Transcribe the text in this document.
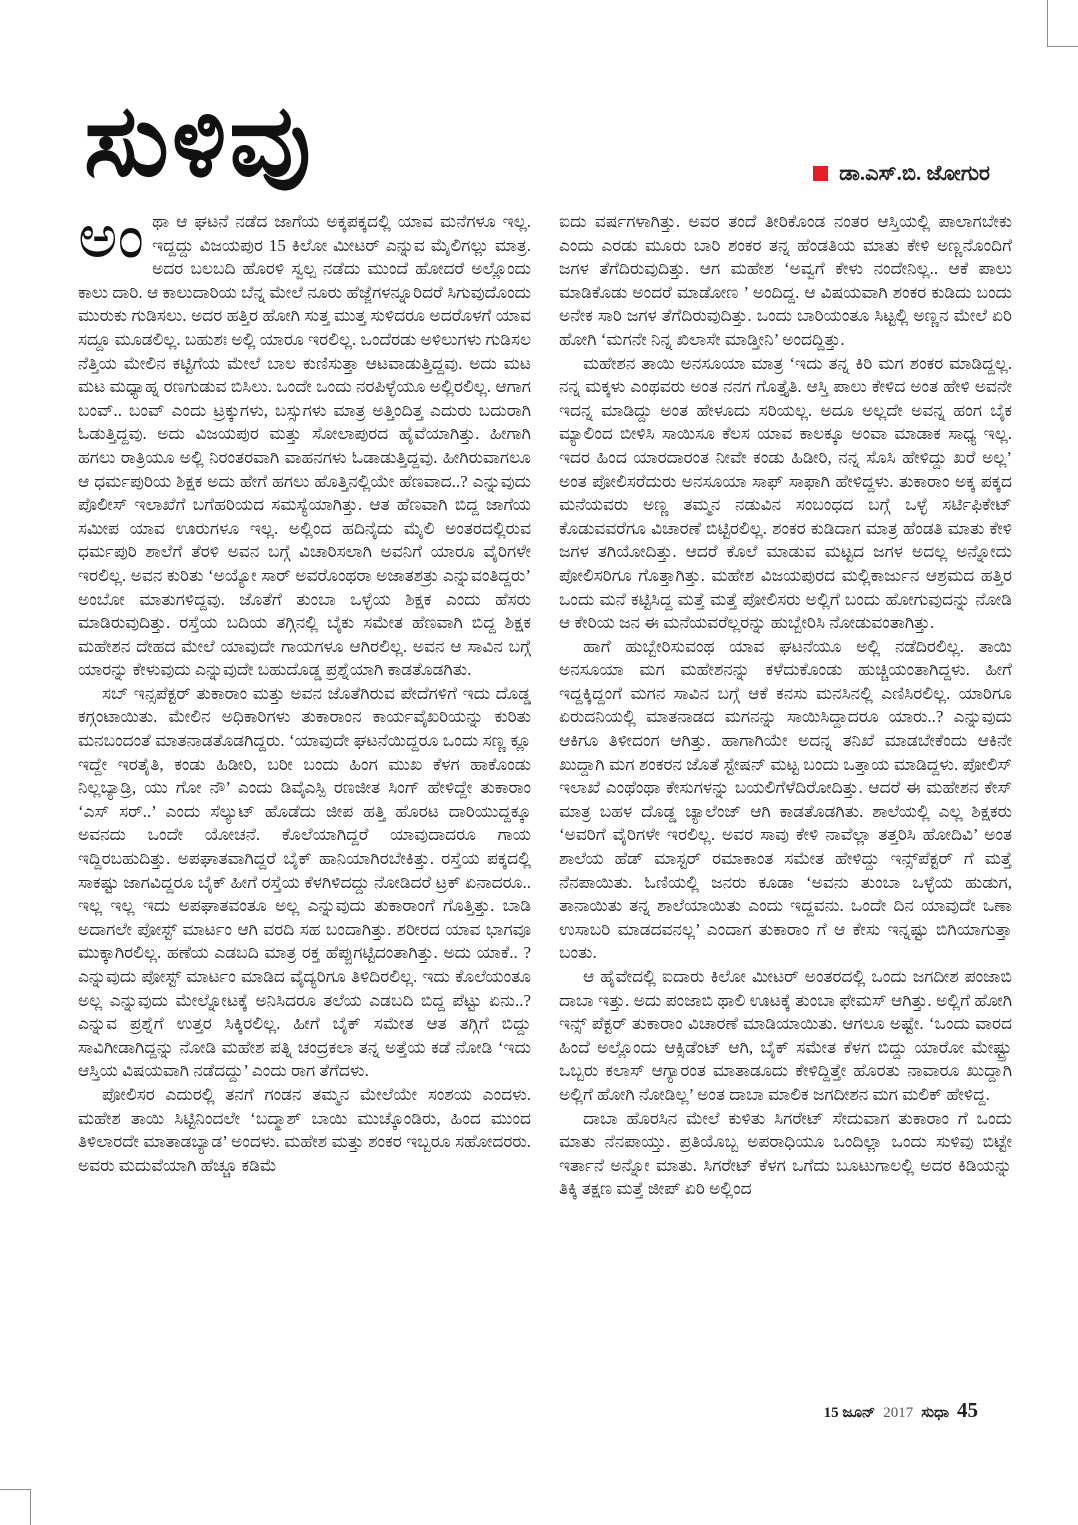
ಸುಳಿವು	ಡಾ.ಎಸ್.ಬಿ. ಜೋಗುರ

ಅಂಥಾ ಆ ಘಟನೆ ನಡೆದ ಜಾಗೆಯ ಅಕ್ಕಪಕ್ಕದಲ್ಲಿ ಯಾವ ಮನೆಗಳೂ ಇಲ್ಲ. ಇದ್ದದ್ದು ವಿಜಯಪುರ 15 ಕಿಲೋ ಮೀಟರ್ ಎನ್ನುವ ಮೈಲಿಗಲ್ಲು ಮಾತ್ರ. ಅದರ ಬಲಬದಿ ಹೊರಳಿ ಸ್ವಲ್ಪ ನಡೆದು ಮುಂದೆ ಹೋದರೆ ಅಲ್ಲೊಂದು ಕಾಲು ದಾರಿ. ಆ ಕಾಲುದಾರಿಯ ಬೆನ್ನ ಮೇಲೆ ನೂರು ಹೆಜ್ಜೆಗಳನ್ನೂರಿದರೆ ಸಿಗುವುದೊಂದು ಮುರುಕು ಗುಡಿಸಲು. ಅದರ ಹತ್ತಿರ ಹೋಗಿ ಸುತ್ತ ಮುತ್ತ ಸುಳಿದರೂ ಅದರೊಳಗೆ ಯಾವ ಸದ್ದೂ ಮೂಡಲಿಲ್ಲ. ಬಹುಶಃ ಅಲ್ಲಿ ಯಾರೂ ಇರಲಿಲ್ಲ. ಒಂದೆರಡು ಅಳಿಲುಗಳು ಗುಡಿಸಲ ನೆತ್ತಿಯ ಮೇಲಿನ ಕಟ್ಟಿಗೆಯ ಮೇಲೆ ಬಾಲ ಕುಣಿಸುತ್ತಾ ಆಟವಾಡುತ್ತಿದ್ದವು. ಅದು ಮಟ ಮಟ ಮಧ್ಯಾಹ್ನ ರಣಗುಡುವ ಬಿಸಿಲು. ಒಂದೇ ಒಂದು ನರಪಿಳ್ಳೆಯೂ ಅಲ್ಲಿರಲಿಲ್ಲ. ಆಗಾಗ ಬಂವ್.. ಬಂವ್ ಎಂದು ಟ್ರಕ್ಕುಗಳು, ಬಸ್ಸುಗಳು ಮಾತ್ರ ಅತ್ತಿಂದಿತ್ತ ಎದುರು ಬದುರಾಗಿ ಓಡುತ್ತಿದ್ದವು. ಅದು ವಿಜಯಪುರ ಮತ್ತು ಸೋಲಾಪುರದ ಹೈವೆಯಾಗಿತ್ತು. ಹೀಗಾಗಿ ಹಗಲು ರಾತ್ರಿಯೂ ಅಲ್ಲಿ ನಿರಂತರವಾಗಿ ವಾಹನಗಳು ಓಡಾಡುತ್ತಿದ್ದವು. ಹೀಗಿರುವಾಗಲೂ ಆ ಧರ್ಮಪುರಿಯ ಶಿಕ್ಷಕ ಅದು ಹೇಗೆ ಹಗಲು ಹೊತ್ತಿನಲ್ಲಿಯೇ ಹೆಣವಾದ..? ಎನ್ನುವುದು ಪೊಲೀಸ್ ಇಲಾಖೆಗೆ ಬಗೆಹರಿಯದ ಸಮಸ್ಯೆಯಾಗಿತ್ತು. ಆತ ಹೆಣವಾಗಿ ಬಿದ್ದ ಜಾಗೆಯ ಸಮೀಪ ಯಾವ ಊರುಗಳೂ ಇಲ್ಲ. ಅಲ್ಲಿಂದ ಹದಿನೈದು ಮೈಲಿ ಅಂತರದಲ್ಲಿರುವ ಧರ್ಮಪುರಿ ಶಾಲೆಗೆ ತೆರಳಿ ಅವನ ಬಗ್ಗೆ ವಿಚಾರಿಸಲಾಗಿ ಅವನಿಗೆ ಯಾರೂ ವೈರಿಗಳೇ ಇರಲಿಲ್ಲ. ಅವನ ಕುರಿತು ‘ಅಯ್ಯೋ ಸಾರ್ ಅವರೊಂಥರಾ ಅಜಾತಶತ್ರು ಎನ್ನುವಂತಿದ್ದರು’ ಅಂಬೋ ಮಾತುಗಳಿದ್ದವು. ಜೊತೆಗೆ ತುಂಬಾ ಒಳ್ಳೆಯ ಶಿಕ್ಷಕ ಎಂದು ಹೆಸರು ಮಾಡಿರುವುದಿತ್ತು. ರಸ್ತೆಯ ಬದಿಯ ತಗ್ಗಿನಲ್ಲಿ ಬೈಕು ಸಮೇತ ಹೆಣವಾಗಿ ಬಿದ್ದ ಶಿಕ್ಷಕ ಮಹೇಶನ ದೇಹದ ಮೇಲೆ ಯಾವುದೇ ಗಾಯಗಳೂ ಆಗಿರಲಿಲ್ಲ. ಅವನ ಆ ಸಾವಿನ ಬಗ್ಗೆ ಯಾರನ್ನು ಕೇಳುವುದು ಎನ್ನುವುದೇ ಬಹುದೊಡ್ಡ ಪ್ರಶ್ನೆಯಾಗಿ ಕಾಡತೊಡಗಿತು.

ಸಬ್ ಇನ್ಸಪೆಕ್ಟರ್ ತುಕಾರಾಂ ಮತ್ತು ಅವನ ಜೊತೆಗಿರುವ ಪೇದೆಗಳಿಗೆ ಇದು ದೊಡ್ಡ ಕಗ್ಗಂಟಾಯಿತು. ಮೇಲಿನ ಅಧಿಕಾರಿಗಳು ತುಕಾರಾಂನ ಕಾರ್ಯವೈಖರಿಯನ್ನು ಕುರಿತು ಮನಬಂದಂತೆ ಮಾತನಾಡತೊಡಗಿದ್ದರು. ‘ಯಾವುದೇ ಘಟನೆಯಿದ್ದರೂ ಒಂದು ಸಣ್ಣ ಕ್ಲೂ ಇದ್ದೇ ಇರತೈತಿ, ಕಂಡು ಹಿಡೀರಿ, ಬರೀ ಬಂದು ಹಿಂಗ ಮುಖ ಕೆಳಗ ಹಾಕೊಂಡು ನಿಲ್ಲಬ್ಯಾಡ್ರಿ, ಯು ಗೋ ನೌ’ ಎಂದು ಡಿವೈಎಸ್ಪಿ ರಣಜೀತ ಸಿಂಗ್ ಹೇಳಿದ್ದೇ ತುಕಾರಾಂ ‘ಎಸ್ ಸರ್..’ ಎಂದು ಸೆಲ್ಯುಟ್ ಹೊಡೆದು ಜೀಪ ಹತ್ತಿ ಹೊರಟ ದಾರಿಯುದ್ದಕ್ಕೂ ಅವನದು ಒಂದೇ ಯೋಚನೆ. ಕೊಲೆಯಾಗಿದ್ದರೆ ಯಾವುದಾದರೂ ಗಾಯ ಇದ್ದಿರಬಹುದಿತ್ತು. ಅಪಘಾತವಾಗಿದ್ದರೆ ಬೈಕ್ ಹಾನಿಯಾಗಿರಬೇಕಿತ್ತು. ರಸ್ತೆಯ ಪಕ್ಕದಲ್ಲಿ ಸಾಕಷ್ಟು ಜಾಗವಿದ್ದರೂ ಬೈಕ್ ಹೀಗೆ ರಸ್ತೆಯ ಕೆಳಗಿಳಿದದ್ದು ನೋಡಿದರೆ ಟ್ರಕ್ ಏನಾದರೂ.. ಇಲ್ಲ ಇಲ್ಲ ಇದು ಅಪಘಾತವಂತೂ ಅಲ್ಲ ಎನ್ನುವುದು ತುಕಾರಾಂಗೆ ಗೊತ್ತಿತ್ತು. ಬಾಡಿ ಅದಾಗಲೇ ಪೋಸ್ಟ್ ಮಾರ್ಟಂ ಆಗಿ ವರದಿ ಸಹ ಬಂದಾಗಿತ್ತು. ಶರೀರದ ಯಾವ ಭಾಗವೂ ಮುಕ್ಕಾಗಿರಲಿಲ್ಲ. ಹಣೆಯ ಎಡಬದಿ ಮಾತ್ರ ರಕ್ತ ಹೆಪ್ಪುಗಟ್ಟಿದಂತಾಗಿತ್ತು. ಅದು ಯಾಕೆ.. ? ಎನ್ನುವುದು ಪೋಸ್ಟ್ ಮಾರ್ಟಂ ಮಾಡಿದ ವೈದ್ಯರಿಗೂ ತಿಳಿದಿರಲಿಲ್ಲ. ಇದು ಕೊಲೆಯಂತೂ ಅಲ್ಲ ಎನ್ನುವುದು ಮೇಲ್ನೋಟಕ್ಕೆ ಅನಿಸಿದರೂ ತಲೆಯ ಎಡಬದಿ ಬಿದ್ದ ಪೆಟ್ಟು ಏನು..? ಎನ್ನುವ ಪ್ರಶ್ನೆಗೆ ಉತ್ತರ ಸಿಕ್ಕಿರಲಿಲ್ಲ. ಹೀಗೆ ಬೈಕ್ ಸಮೇತ ಆತ ತಗ್ಗಿಗೆ ಬಿದ್ದು ಸಾವಿಗೀಡಾಗಿದ್ದನ್ನು ನೋಡಿ ಮಹೇಶ ಪತ್ನಿ ಚಂದ್ರಕಲಾ ತನ್ನ ಅತ್ತೆಯ ಕಡೆ ನೋಡಿ ‘ಇದು ಆಸ್ತಿಯ ವಿಷಯವಾಗಿ ನಡೆದದ್ದು’ ಎಂದು ರಾಗ ತೆಗೆದಳು.

ಪೋಲಿಸರ ಎದುರಲ್ಲಿ ತನಗೆ ಗಂಡನ ತಮ್ಮನ ಮೇಲೆಯೇ ಸಂಶಯ ಎಂದಳು. ಮಹೇಶ ತಾಯಿ ಸಿಟ್ಟಿನಿಂದಲೇ ‘ಬದ್ಮಾಶ್ ಬಾಯಿ ಮುಚ್ಕೊಂಡಿರು, ಹಿಂದ ಮುಂದ ತಿಳಿಲಾರದೇ ಮಾತಾಡಬ್ಯಾಡ’ ಅಂದಳು. ಮಹೇಶ ಮತ್ತು ಶಂಕರ ಇಬ್ಬರೂ ಸಹೋದರರು. ಅವರು ಮದುವೆಯಾಗಿ ಹೆಚ್ಚೂ ಕಡಿಮೆ

ಐದು ವರ್ಷಗಳಾಗಿತ್ತು. ಅವರ ತಂದೆ ತೀರಿಕೊಂಡ ನಂತರ ಆಸ್ತಿಯಲ್ಲಿ ಪಾಲಾಗಬೇಕು ಎಂದು ಎರಡು ಮೂರು ಬಾರಿ ಶಂಕರ ತನ್ನ ಹೆಂಡತಿಯ ಮಾತು ಕೇಳಿ ಅಣ್ಣನೊಂದಿಗೆ ಜಗಳ ತೆಗೆದಿರುವುದಿತ್ತು. ಆಗ ಮಹೇಶ ‘ಅವ್ವಗೆ ಕೇಳು ನಂದೇನಿಲ್ಲ.. ಆಕೆ ಪಾಲು ಮಾಡಿಕೊಡು ಅಂದರೆ ಮಾಡೋಣ ’ ಅಂದಿದ್ದ. ಆ ವಿಷಯವಾಗಿ ಶಂಕರ ಕುಡಿದು ಬಂದು ಅನೇಕ ಸಾರಿ ಜಗಳ ತೆಗೆದಿರುವುದಿತ್ತು. ಒಂದು ಬಾರಿಯಂತೂ ಸಿಟ್ಟಲ್ಲಿ ಅಣ್ಣನ ಮೇಲೆ ಏರಿ ಹೋಗಿ ‘ಮಗನೇ ನಿನ್ನ ಖಿಲಾಸೇ ಮಾಡ್ತೀನಿ’ ಅಂದದ್ದಿತ್ತು.

ಮಹೇಶನ ತಾಯಿ ಅನಸೂಯಾ ಮಾತ್ರ ‘ಇದು ತನ್ನ ಕಿರಿ ಮಗ ಶಂಕರ ಮಾಡಿದ್ದಲ್ಲ. ನನ್ನ ಮಕ್ಕಳು ಎಂಥವರು ಅಂತ ನನಗ ಗೊತ್ತೈತಿ. ಆಸ್ತಿ ಪಾಲು ಕೇಳಿದ ಅಂತ ಹೇಳಿ ಅವನೇ ಇದನ್ನ ಮಾಡಿದ್ದು ಅಂತ ಹೇಳೂದು ಸರಿಯಲ್ಲ. ಅದೂ ಅಲ್ಲದೇ ಅವನ್ನ ಹಂಗ ಬೈಕ ಮ್ಯಾಲಿಂದ ಬೀಳಿಸಿ ಸಾಯಿಸೂ ಕೆಲಸ ಯಾವ ಕಾಲಕ್ಕೂ ಅಂವಾ ಮಾಡಾಕ ಸಾಧ್ಯ ಇಲ್ಲ. ಇದರ ಹಿಂದ ಯಾರದಾರಂತ ನೀವೇ ಕಂಡು ಹಿಡೀರಿ, ನನ್ನ ಸೊಸಿ ಹೇಳಿದ್ದು ಖರೆ ಅಲ್ಲ’ ಅಂತ ಪೋಲಿಸರೆದುರು ಅನಸೂಯಾ ಸಾಫ್ ಸಾಫಾಗಿ ಹೇಳಿದ್ದಳು. ತುಕಾರಾಂ ಅಕ್ಕ ಪಕ್ಕದ ಮನೆಯವರು ಅಣ್ಣ ತಮ್ಮನ ನಡುವಿನ ಸಂಬಂಧದ ಬಗ್ಗೆ ಒಳ್ಳೆ ಸರ್ಟಿಫಿಕೇಟ್ ಕೊಡುವವರೆಗೂ ವಿಚಾರಣೆ ಬಿಟ್ಟಿರಲಿಲ್ಲ. ಶಂಕರ ಕುಡಿದಾಗ ಮಾತ್ರ ಹೆಂಡತಿ ಮಾತು ಕೇಳಿ ಜಗಳ ತಗಿಯೋದಿತ್ತು. ಆದರೆ ಕೊಲೆ ಮಾಡುವ ಮಟ್ಟದ ಜಗಳ ಅದಲ್ಲ ಅನ್ನೋದು ಪೋಲಿಸರಿಗೂ ಗೊತ್ತಾಗಿತ್ತು. ಮಹೇಶ ವಿಜಯಪುರದ ಮಲ್ಲಿಕಾರ್ಜುನ ಆಶ್ರಮದ ಹತ್ತಿರ ಒಂದು ಮನೆ ಕಟ್ಟಿಸಿದ್ದ ಮತ್ತೆ ಮತ್ತೆ ಪೋಲಿಸರು ಅಲ್ಲಿಗೆ ಬಂದು ಹೋಗುವುದನ್ನು ನೋಡಿ ಆ ಕೇರಿಯ ಜನ ಈ ಮನೆಯವರೆಲ್ಲರನ್ನು ಹುಬ್ಬೇರಿಸಿ ನೋಡುವಂತಾಗಿತ್ತು.

ಹಾಗೆ ಹುಬ್ಬೇರಿಸುವಂಥ ಯಾವ ಘಟನೆಯೂ ಅಲ್ಲಿ ನಡೆದಿರಲಿಲ್ಲ. ತಾಯಿ ಅನಸೂಯಾ ಮಗ ಮಹೇಶನನ್ನು ಕಳೆದುಕೊಂಡು ಹುಚ್ಚಿಯಂತಾಗಿದ್ದಳು. ಹೀಗೆ ಇದ್ದಕ್ಕಿದ್ದಂಗೆ ಮಗನ ಸಾವಿನ ಬಗ್ಗೆ ಆಕೆ ಕನಸು ಮನಸಿನಲ್ಲಿ ಎಣಿಸಿರಲಿಲ್ಲ. ಯಾರಿಗೂ ಏರುದನಿಯಲ್ಲಿ ಮಾತನಾಡದ ಮಗನನ್ನು ಸಾಯಿಸಿದ್ದಾದರೂ ಯಾರು..? ಎನ್ನುವುದು ಆಕಿಗೂ ತಿಳೀದಂಗ ಆಗಿತ್ತು. ಹಾಗಾಗಿಯೇ ಅದನ್ನ ತನಿಖೆ ಮಾಡಬೇಕೆಂದು ಆಕಿನೇ ಖುದ್ದಾಗಿ ಮಗ ಶಂಕರನ ಜೊತೆ ಸ್ಟೇಷನ್ ಮಟ್ಟ ಬಂದು ಒತ್ತಾಯ ಮಾಡಿದ್ದಳು. ಪೋಲಿಸ್ ಇಲಾಖೆ ಎಂಥೆಂಥಾ ಕೇಸುಗಳನ್ನು ಬಯಲಿಗೆಳೆದಿರೋದಿತ್ತು. ಆದರೆ ಈ ಮಹೇಶನ ಕೇಸ್ ಮಾತ್ರ ಬಹಳ ದೊಡ್ಡ ಚ್ಯಾಲೆಂಜ್ ಆಗಿ ಕಾಡತೊಡಗಿತು. ಶಾಲೆಯಲ್ಲಿ ಎಲ್ಲ ಶಿಕ್ಷಕರು ‘ಅವರಿಗೆ ವೈರಿಗಳೇ ಇರಲಿಲ್ಲ. ಅವರ ಸಾವು ಕೇಳಿ ನಾವೆಲ್ಲಾ ತತ್ತರಿಸಿ ಹೋದಿವಿ’ ಅಂತ ಶಾಲೆಯ ಹೆಡ್ ಮಾಸ್ಟರ್ ರಮಾಕಾಂತ ಸಮೇತ ಹೇಳಿದ್ದು ಇನ್ಸ್‌ಪೆಕ್ಟರ್ ಗೆ ಮತ್ತೆ ನೆನಪಾಯಿತು. ಓಣಿಯಲ್ಲಿ ಜನರು ಕೂಡಾ ‘ಅವನು ತುಂಬಾ ಒಳ್ಳೆಯ ಹುಡುಗ, ತಾನಾಯಿತು ತನ್ನ ಶಾಲೆಯಾಯಿತು ಎಂದು ಇದ್ದವನು. ಒಂದೇ ದಿನ ಯಾವುದೇ ಒಣಾ ಉಸಾಬರಿ ಮಾಡದವನಲ್ಲ’ ಎಂದಾಗ ತುಕಾರಾಂ ಗೆ ಆ ಕೇಸು ಇನ್ನಷ್ಟು ಬಿಗಿಯಾಗುತ್ತಾ ಬಂತು.

ಆ ಹೈವೇದಲ್ಲಿ ಐದಾರು ಕಿಲೋ ಮೀಟರ್ ಅಂತರದಲ್ಲಿ ಒಂದು ಜಗದೀಶ ಪಂಜಾಬಿ ದಾಬಾ ಇತ್ತು. ಅದು ಪಂಜಾಬಿ ಥಾಲಿ ಊಟಕ್ಕೆ ತುಂಬಾ ಫೇಮಸ್ ಆಗಿತ್ತು. ಅಲ್ಲಿಗೆ ಹೋಗಿ ಇನ್ಸ್ ಪೆಕ್ಟರ್ ತುಕಾರಾಂ ವಿಚಾರಣೆ ಮಾಡಿಯಾಯಿತು. ಆಗಲೂ ಅಷ್ಟೇ. ‘ಒಂದು ವಾರದ ಹಿಂದೆ ಅಲ್ಲೊಂದು ಆಕ್ಸಿಡೆಂಟ್ ಆಗಿ, ಬೈಕ್ ಸಮೇತ ಕೆಳಗ ಬಿದ್ದು ಯಾರೋ ಮೇಷ್ಟ್ರು ಒಬ್ಬರು ಕಲಾಸ್ ಆಗ್ಯಾರಂತ ಮಾತಾಡೂದು ಕೇಳಿದ್ದಿತ್ತೇ ಹೊರತು ನಾವಾರೂ ಖುದ್ದಾಗಿ ಅಲ್ಲಿಗೆ ಹೋಗಿ ನೋಡಿಲ್ಲ’ ಅಂತ ದಾಬಾ ಮಾಲಿಕ ಜಗದೀಶನ ಮಗ ಮಲಿಕ್ ಹೇಳಿದ್ದ.

ದಾಬಾ ಹೊರಸಿನ ಮೇಲೆ ಕುಳಿತು ಸಿಗರೇಟ್ ಸೇದುವಾಗ ತುಕಾರಾಂ ಗೆ ಒಂದು ಮಾತು ನೆನಪಾಯ್ತು. ಪ್ರತಿಯೊಬ್ಬ ಅಪರಾಧಿಯೂ ಒಂದಿಲ್ಲಾ ಒಂದು ಸುಳಿವು ಬಿಟ್ಟೇ ಇರ್ತಾನೆ ಅನ್ನೋ ಮಾತು. ಸಿಗರೇಟ್ ಕೆಳಗ ಒಗೆದು ಬೂಟುಗಾಲಲ್ಲಿ ಅದರ ಕಿಡಿಯನ್ನು ತಿಕ್ಕಿ ತಕ್ಷಣ ಮತ್ತೆ ಜೀಪ್ ಏರಿ ಅಲ್ಲಿಂದ

15 ಜೂನ್ 2017 ಸುಧಾ 45
